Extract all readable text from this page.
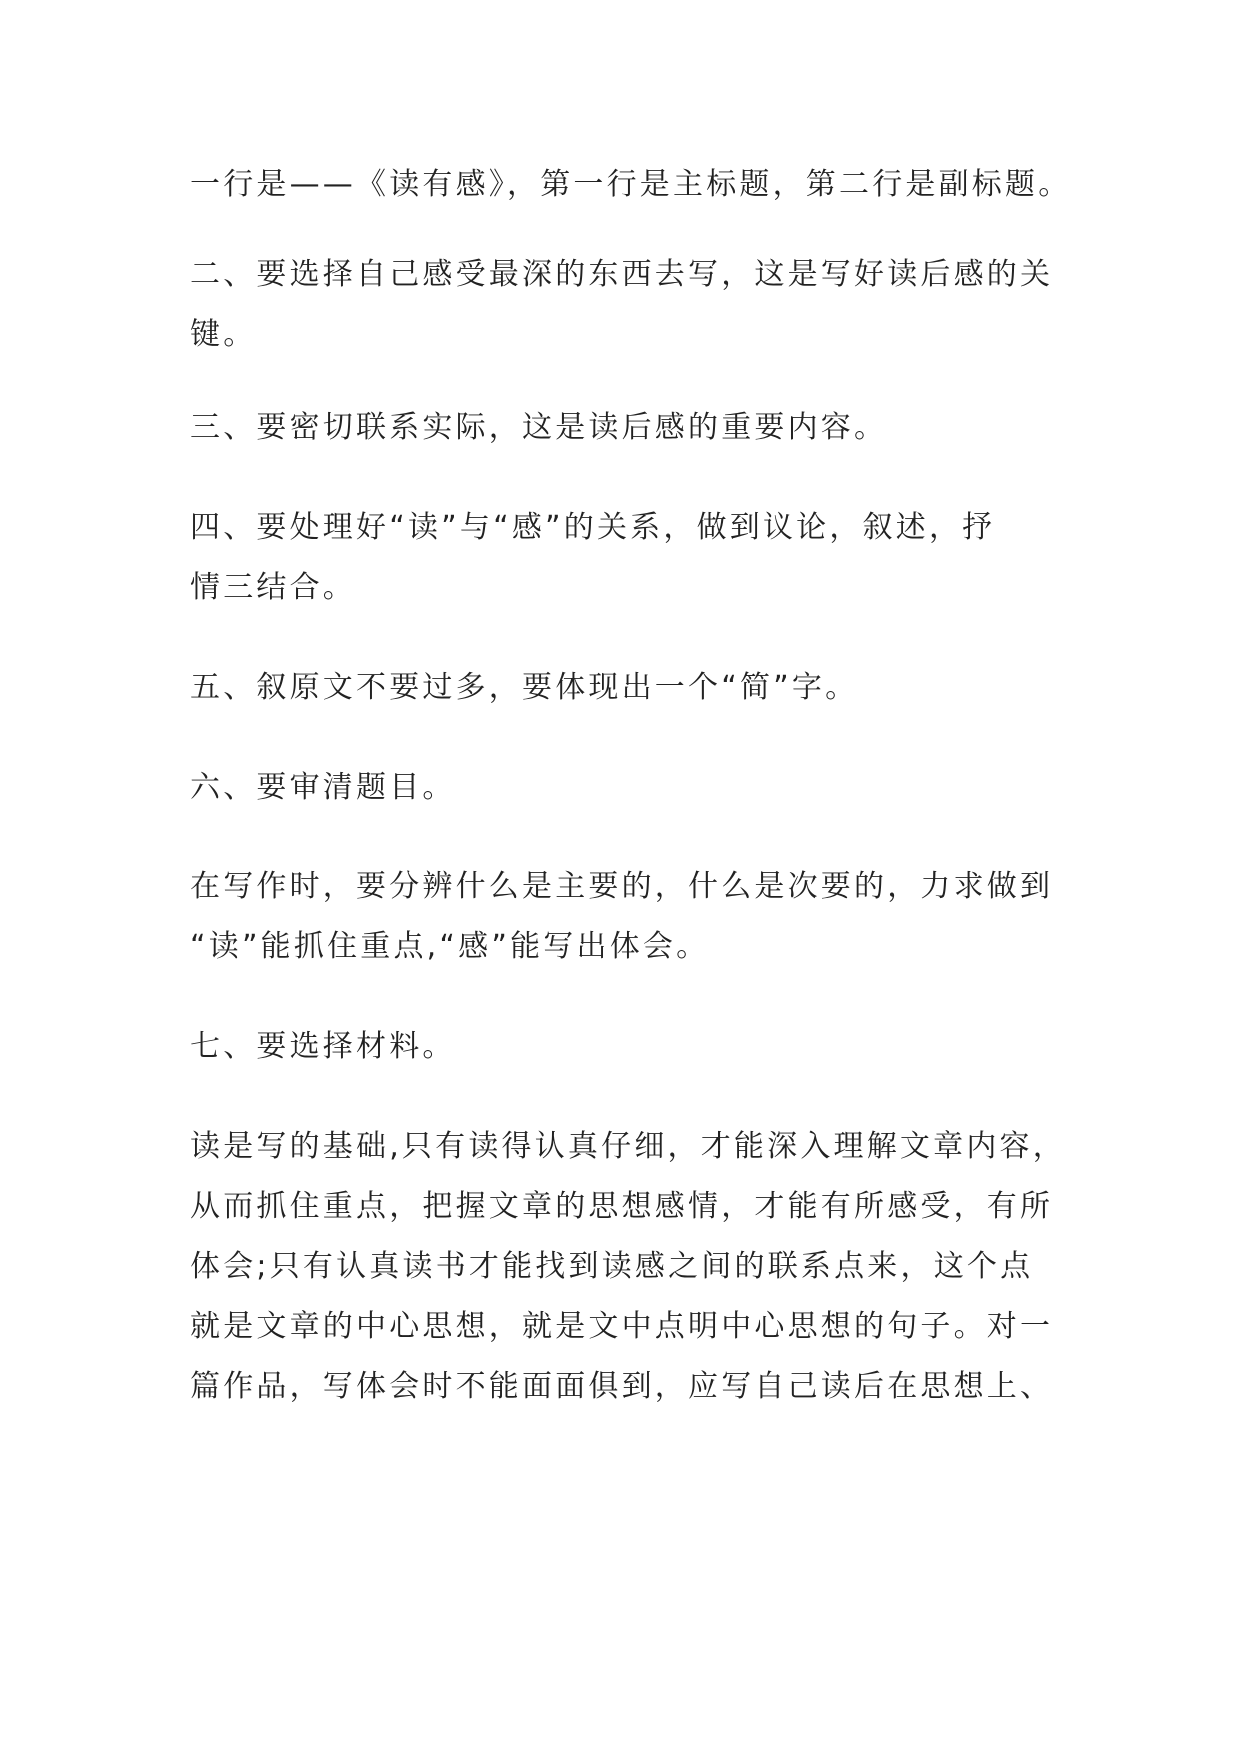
一行是——《读有感》，第一行是主标题，第二行是副标题。
二、要选择自己感受最深的东西去写，这是写好读后感的关
键。
三、要密切联系实际，这是读后感的重要内容。
四、要处理好“读”与“感”的关系，做到议论，叙述，抒
情三结合。
五、叙原文不要过多，要体现出一个“简”字。
六、要审清题目。
在写作时，要分辨什么是主要的，什么是次要的，力求做到
“读”能抓住重点,“感”能写出体会。
七、要选择材料。
读是写的基础,只有读得认真仔细，才能深入理解文章内容，
从而抓住重点，把握文章的思想感情，才能有所感受，有所
体会;只有认真读书才能找到读感之间的联系点来，这个点
就是文章的中心思想，就是文中点明中心思想的句子。对一
篇作品，写体会时不能面面俱到，应写自己读后在思想上、
